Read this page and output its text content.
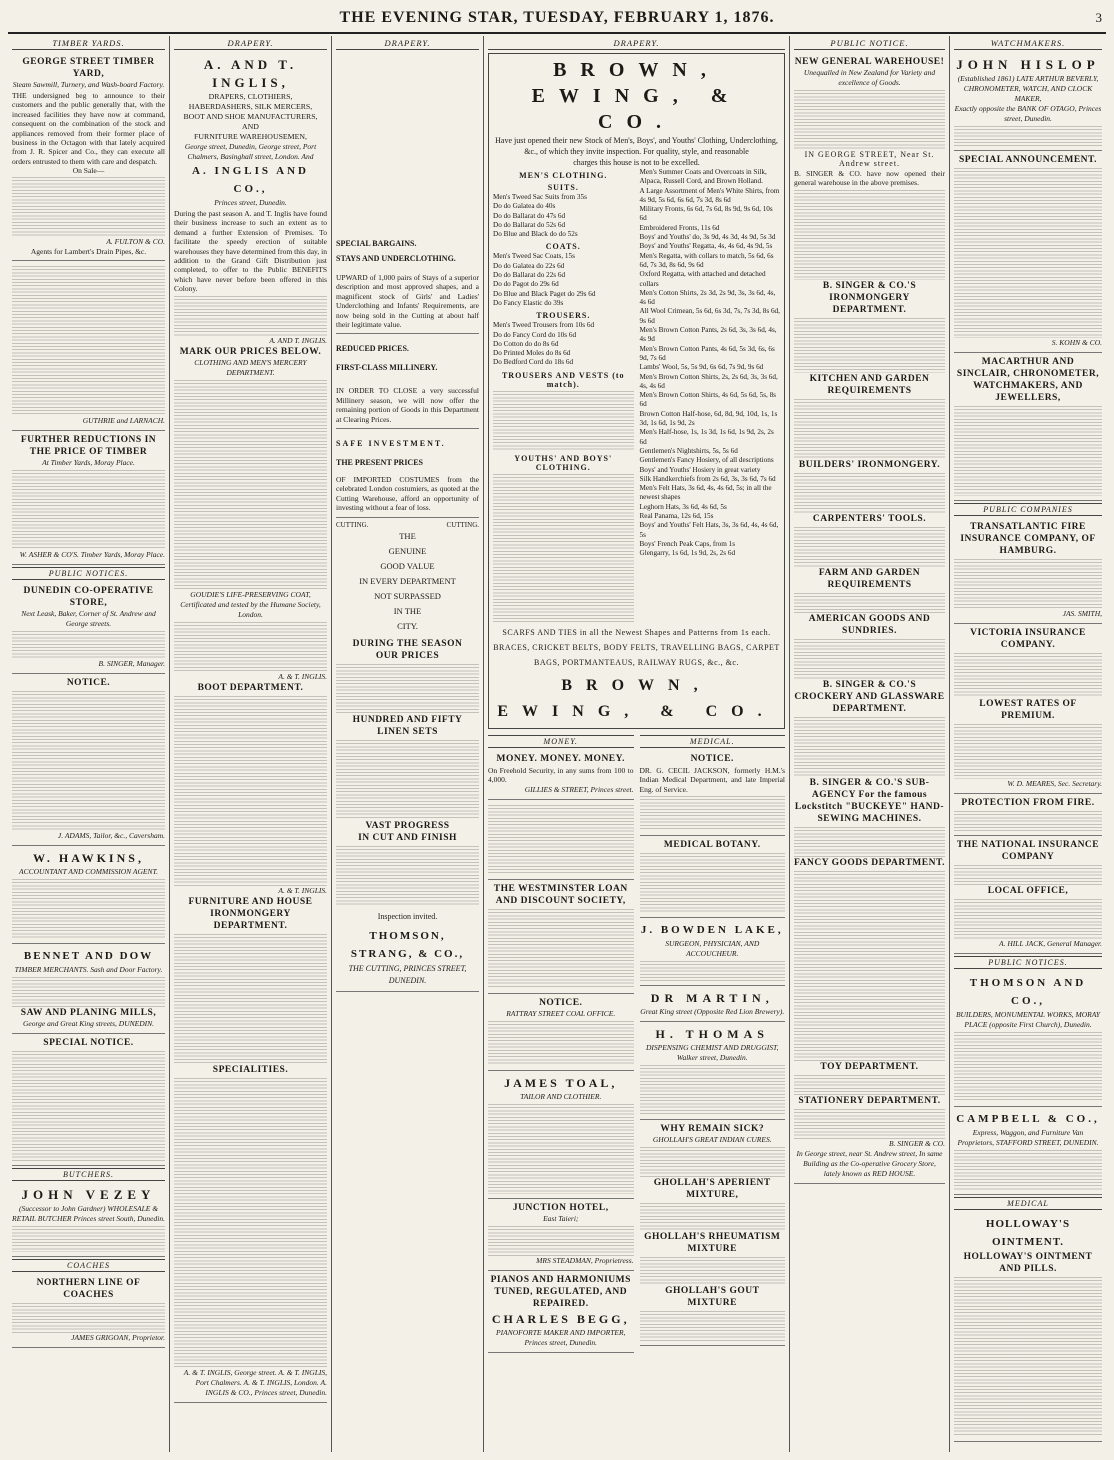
THE EVENING STAR, TUESDAY, FEBRUARY 1, 1876.	3
TIMBER YARDS.
GEORGE STREET TIMBER YARD,
Steam Sawmill, Turnery, and Wash-board Factory.

THE undersigned beg to announce to their customers and the public generally that, with the increased facilities they have now at command, consequent on the combination of the stock and appliances removed from their former place of business in the Octagon with that lately acquired from J. R. Spicer and Co., they can execute all orders entrusted to them with care and despatch.

On Sale—
A. FULTON & CO.
Agents for Lambert's Drain Pipes, &c.
GUTHRIE and LARNACH.
FURTHER REDUCTIONS IN THE PRICE OF TIMBER
At Timber Yards, Moray Place.
W. ASHER & CO'S. Timber Yards, Moray Place.
PUBLIC NOTICES.
DUNEDIN CO-OPERATIVE STORE,
Next Leask, Baker, Corner of St. Andrew and George streets.
B. SINGER, Manager.
NOTICE.
J. ADAMS, Tailor, &c., Caversham.
W. HAWKINS,
ACCOUNTANT AND COMMISSION AGENT.
BENNET AND DOW
TIMBER MERCHANTS. Sash and Door Factory.
SAW AND PLANING MILLS,
George and Great King streets, DUNEDIN.
SPECIAL NOTICE.
BUTCHERS.
JOHN VEZEY
(Successor to John Gardner) WHOLESALE & RETAIL BUTCHER Princes street South, Dunedin.
COACHES
NORTHERN LINE OF COACHES
JAMES GRIGOAN, Proprietor.
DRAPERY.
A. AND T. INGLIS,
DRAPERS, CLOTHIERS,
HABERDASHERS, SILK MERCERS,
BOOT AND SHOE MANUFACTURERS,
AND
FURNITURE WAREHOUSEMEN,
George street, Dunedin, George street, Port Chalmers, Basinghall street, London. And
A. INGLIS AND CO.,
Princes street, Dunedin.

During the past season A. and T. Inglis have found their business increase to such an extent as to demand a further Extension of Premises. To facilitate the speedy erection of suitable warehouses they have determined from this day, in addition to the Grand Gift Distribution just completed, to offer to the Public BENEFITS which have never before been offered in this Colony.

A. AND T. INGLIS.
MARK OUR PRICES BELOW.
CLOTHING AND MEN'S MERCERY DEPARTMENT.
GOUDIE'S LIFE-PRESERVING COAT,
Certificated and tested by the Humane Society, London.
A. & T. INGLIS.
BOOT DEPARTMENT.
A. & T. INGLIS.
FURNITURE AND HOUSE IRONMONGERY DEPARTMENT.
SPECIALITIES.
A. & T. INGLIS, George street. A. & T. INGLIS, Port Chalmers. A. & T. INGLIS, London. A. INGLIS & CO., Princes street, Dunedin.
DRAPERY.
SPECIAL BARGAINS.
STAYS AND UNDERCLOTHING.

UPWARD of 1,000 pairs of Stays of a superior description and most approved shapes, and a magnificent stock of Girls' and Ladies' Underclothing and Infants' Requirements, are now being sold in the Cutting at about half their legitimate value.

REDUCED PRICES.
FIRST-CLASS MILLINERY.

IN ORDER TO CLOSE a very successful Millinery season, we will now offer the remaining portion of Goods in this Department at Clearing Prices.

SAFE INVESTMENT.
THE PRESENT PRICES

OF IMPORTED COSTUMES from the celebrated London costumiers, as quoted at the Cutting Warehouse, afford an opportunity of investing without a fear of loss.

CUTTING.	CUTTING.
THE
GENUINE
GOOD VALUE
IN EVERY DEPARTMENT
NOT SURPASSED
IN THE
CITY.
DURING THE SEASON
OUR PRICES
HUNDRED AND FIFTY LINEN SETS
VAST PROGRESS
IN CUT AND FINISH
Inspection invited.
THOMSON, STRANG, & CO.,
THE CUTTING, PRINCES STREET, DUNEDIN.
DRAPERY.
BROWN, EWING, & CO.
Have just opened their new Stock of Men's, Boys', and Youths' Clothing, Underclothing,
&c., of which they invite inspection. For quality, style, and reasonable
charges this house is not to be excelled.
MEN'S CLOTHING.
SUITS.
Men's Tweed Sac Suits from 35s
Do do Galatea do 40s
Do do Ballarat do 47s 6d
Do do Ballarat do 52s 6d
Do Blue and Black do do 52s
COATS.
Men's Tweed Sac Coats, 15s
Do do Galatea do 22s 6d
Do do Ballarat do 22s 6d
Do do Pagot do 29s 6d
Do Blue and Black Paget do 29s 6d
Do Fancy Elastic do 39s
TROUSERS.
Men's Tweed Trousers from 10s 6d
Do do Fancy Cord do 10s 6d
Do Cotton do do 8s 6d
Do Printed Moles do 8s 6d
Do Bedford Cord do 18s 6d
TROUSERS AND VESTS (to match).
YOUTHS' AND BOYS' CLOTHING.
Men's Summer Coats and Overcoats in Silk, Alpaca, Russell Cord, and Brown Holland.
A Large Assortment of Men's White Shirts, from 4s 9d, 5s 6d, 6s 6d, 7s 3d, 8s 6d
Military Fronts, 6s 6d, 7s 6d, 8s 9d, 9s 6d, 10s 6d
Embroidered Fronts, 11s 6d
Boys' and Youths' do, 3s 9d, 4s 3d, 4s 9d, 5s 3d
Boys' and Youths' Regatta, 4s, 4s 6d, 4s 9d, 5s
Men's Regatta, with collars to match, 5s 6d, 6s 6d, 7s 3d, 8s 6d, 9s 6d
Oxford Regatta, with attached and detached collars
Men's Cotton Shirts, 2s 3d, 2s 9d, 3s, 3s 6d, 4s, 4s 6d
All Wool Crimean, 5s 6d, 6s 3d, 7s, 7s 3d, 8s 6d, 9s 6d
Men's Brown Cotton Pants, 2s 6d, 3s, 3s 6d, 4s, 4s 9d
Men's Brown Cotton Pants, 4s 6d, 5s 3d, 6s, 6s 9d, 7s 6d
Lambs' Wool, 5s, 5s 9d, 6s 6d, 7s 9d, 9s 6d
Men's Brown Cotton Shirts, 2s, 2s 6d, 3s, 3s 6d, 4s, 4s 6d
Men's Brown Cotton Shirts, 4s 6d, 5s 6d, 5s, 8s 6d
Brown Cotton Half-hose, 6d, 8d, 9d, 10d, 1s, 1s 3d, 1s 6d, 1s 9d, 2s
Men's Half-hose, 1s, 1s 3d, 1s 6d, 1s 9d, 2s, 2s 6d
Gentlemen's Nightshirts, 5s, 5s 6d
Gentlemen's Fancy Hosiery, of all descriptions
Boys' and Youths' Hosiery in great variety
Silk Handkerchiefs from 2s 6d, 3s, 3s 6d, 7s 6d
Men's Felt Hats, 3s 6d, 4s, 4s 6d, 5s; in all the newest shapes
Leghorn Hats, 3s 6d, 4s 6d, 5s
Real Panama, 12s 6d, 15s
Boys' and Youths' Felt Hats, 3s, 3s 6d, 4s, 4s 6d, 5s
Boys' French Peak Caps, from 1s
Glengarry, 1s 6d, 1s 9d, 2s, 2s 6d
SCARFS AND TIES in all the Newest Shapes and Patterns from 1s each.
BRACES, CRICKET BELTS, BODY FELTS, TRAVELLING BAGS, CARPET
BAGS, PORTMANTEAUS, RAILWAY RUGS, &c., &c.
BROWN, EWING, & CO.
MONEY.
MONEY. MONEY. MONEY.

On Freehold Security, in any sums from 100 to 4,000.

GILLIES & STREET, Princes street.
THE WESTMINSTER LOAN AND DISCOUNT SOCIETY,
NOTICE.
RATTRAY STREET COAL OFFICE.
JAMES TOAL,
TAILOR AND CLOTHIER.
JUNCTION HOTEL,
East Taieri;
MRS STEADMAN, Proprietress.
PIANOS AND HARMONIUMS TUNED, REGULATED, AND REPAIRED.
CHARLES BEGG,
PIANOFORTE MAKER AND IMPORTER, Princes street, Dunedin.
MEDICAL.
NOTICE.

DR. G. CECIL JACKSON, formerly H.M.'s Indian Medical Department, and late Imperial Eng. of Service.

MEDICAL BOTANY.
J. BOWDEN LAKE,
SURGEON, PHYSICIAN, AND ACCOUCHEUR.
DR MARTIN,
Great King street (Opposite Red Lion Brewery).
H. THOMAS
DISPENSING CHEMIST AND DRUGGIST, Walker street, Dunedin.
WHY REMAIN SICK?
GHOLLAH'S GREAT INDIAN CURES.
GHOLLAH'S APERIENT MIXTURE,
GHOLLAH'S RHEUMATISM MIXTURE
GHOLLAH'S GOUT MIXTURE
PUBLIC NOTICE.
NEW GENERAL WAREHOUSE!
Unequalled in New Zealand for Variety and excellence of Goods.
IN GEORGE STREET, Near St. Andrew street.

B. SINGER & CO. have now opened their general warehouse in the above premises.

B. SINGER & CO.'S IRONMONGERY DEPARTMENT.
KITCHEN AND GARDEN REQUIREMENTS
BUILDERS' IRONMONGERY.
CARPENTERS' TOOLS.
FARM AND GARDEN REQUIREMENTS
AMERICAN GOODS AND SUNDRIES.
B. SINGER & CO.'S CROCKERY AND GLASSWARE DEPARTMENT.
B. SINGER & CO.'S SUB-AGENCY For the famous Lockstitch "BUCKEYE" HAND-SEWING MACHINES.
FANCY GOODS DEPARTMENT.
TOY DEPARTMENT.
STATIONERY DEPARTMENT.
B. SINGER & CO.
In George street, near St. Andrew street, In same Building as the Co-operative Grocery Store, lately known as RED HOUSE.
WATCHMAKERS.
JOHN HISLOP
(Established 1861) LATE ARTHUR BEVERLY, CHRONOMETER, WATCH, AND CLOCK MAKER,
Exactly opposite the BANK OF OTAGO, Princes street, Dunedin.
SPECIAL ANNOUNCEMENT.
S. KOHN & CO.
MACARTHUR AND SINCLAIR, CHRONOMETER, WATCHMAKERS, AND JEWELLERS,
PUBLIC COMPANIES
TRANSATLANTIC FIRE INSURANCE COMPANY, OF HAMBURG.
JAS. SMITH,
VICTORIA INSURANCE COMPANY.
LOWEST RATES OF PREMIUM.
W. D. MEARES, Sec. Secretary.
PROTECTION FROM FIRE.
THE NATIONAL INSURANCE COMPANY
LOCAL OFFICE,
A. HILL JACK, General Manager.
PUBLIC NOTICES.
THOMSON AND CO.,
BUILDERS, MONUMENTAL WORKS, MORAY PLACE (opposite First Church), Dunedin.
CAMPBELL & CO.,
Express, Waggon, and Furniture Van Proprietors, STAFFORD STREET, DUNEDIN.
MEDICAL
HOLLOWAY'S OINTMENT.
HOLLOWAY'S OINTMENT AND PILLS.
